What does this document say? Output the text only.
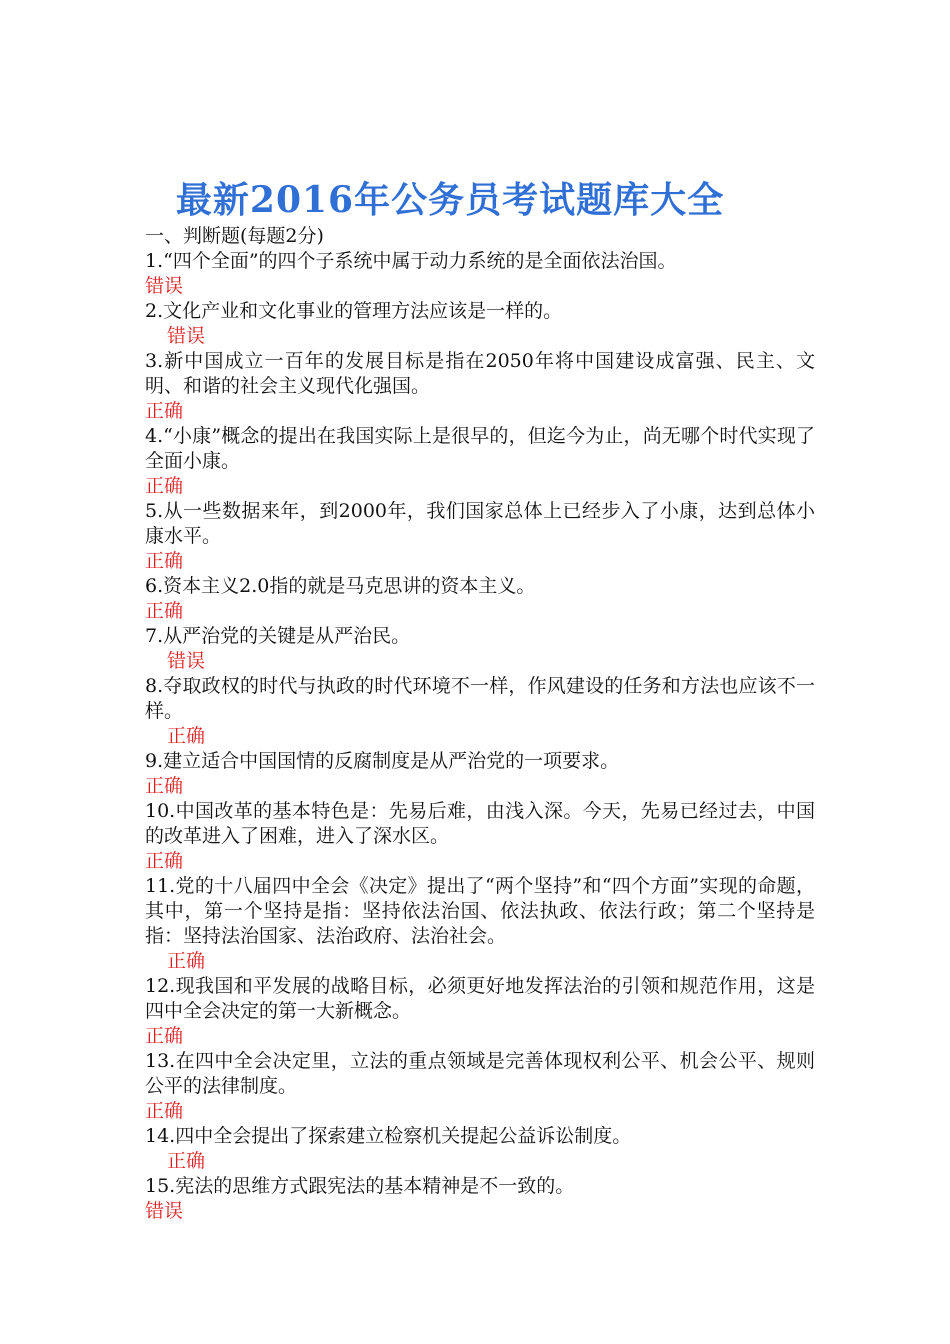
最新2016年公务员考试题库大全

一、判断题(每题2分)

1.“四个全面”的四个子系统中属于动力系统的是全面依法治国。

错误

2.文化产业和文化事业的管理方法应该是一样的。

错误

3.新中国成立一百年的发展目标是指在2050年将中国建设成富强、民主、文明、和谐的社会主义现代化强国。

正确

4.“小康”概念的提出在我国实际上是很早的，但迄今为止，尚无哪个时代实现了全面小康。

正确

5.从一些数据来年，到2000年，我们国家总体上已经步入了小康，达到总体小康水平。

正确

6.资本主义2.0指的就是马克思讲的资本主义。

正确

7.从严治党的关键是从严治民。

错误

8.夺取政权的时代与执政的时代环境不一样，作风建设的任务和方法也应该不一样。

正确

9.建立适合中国国情的反腐制度是从严治党的一项要求。

正确

10.中国改革的基本特色是：先易后难，由浅入深。今天，先易已经过去，中国的改革进入了困难，进入了深水区。

正确

11.党的十八届四中全会《决定》提出了“两个坚持”和“四个方面”实现的命题，其中，第一个坚持是指：坚持依法治国、依法执政、依法行政；第二个坚持是指：坚持法治国家、法治政府、法治社会。

正确

12.现我国和平发展的战略目标，必须更好地发挥法治的引领和规范作用，这是四中全会决定的第一大新概念。

正确

13.在四中全会决定里，立法的重点领域是完善体现权利公平、机会公平、规则公平的法律制度。

正确

14.四中全会提出了探索建立检察机关提起公益诉讼制度。

正确

15.宪法的思维方式跟宪法的基本精神是不一致的。

错误
